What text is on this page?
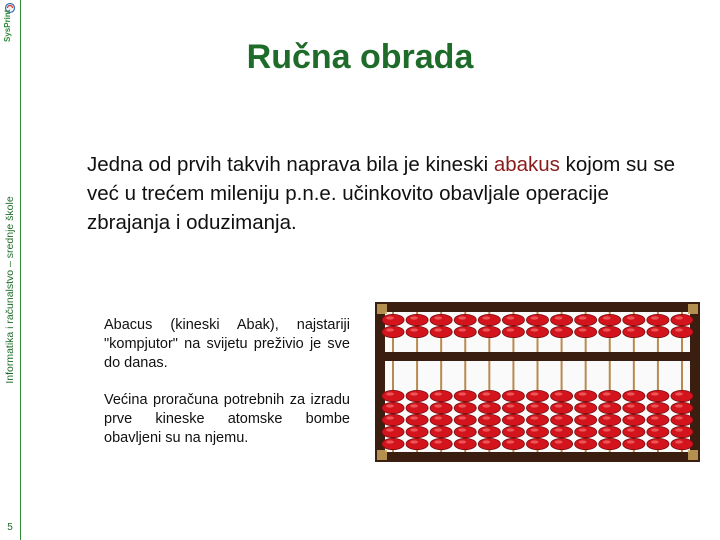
SysPrint
Informatika i računalstvo – srednje škole
5
Ručna obrada
Jedna od prvih takvih naprava bila je kineski abakus kojom su se već u trećem mileniju p.n.e. učinkovito obavljale operacije zbrajanja i oduzimanja.

Abacus (kineski Abak), najstariji "kompjutor" na svijetu preživio je sve do danas.

Većina proračuna potrebnih za izradu prve kineske atomske bombe obavljeni su na njemu.
